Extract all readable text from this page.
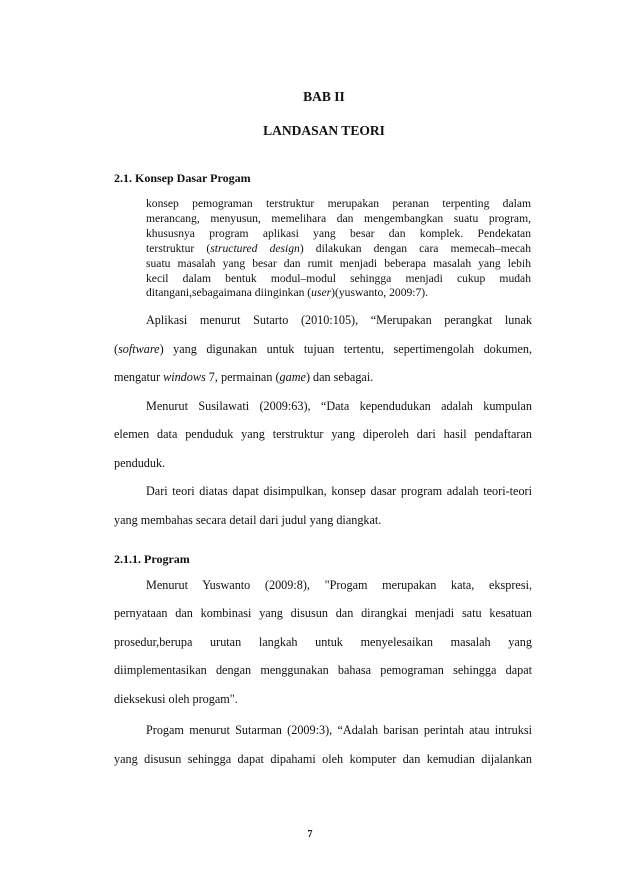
BAB II
LANDASAN TEORI
2.1. Konsep Dasar Progam
konsep pemograman terstruktur merupakan peranan terpenting dalam
merancang, menyusun, memelihara dan mengembangkan suatu program,
khususnya program aplikasi yang besar dan komplek. Pendekatan
terstruktur (structured design) dilakukan dengan cara memecah–mecah
suatu masalah yang besar dan rumit menjadi beberapa masalah yang lebih
kecil dalam bentuk modul–modul sehingga menjadi cukup mudah
ditangani,sebagaimana diinginkan (user)(yuswanto, 2009:7).
Aplikasi menurut Sutarto (2010:105), “Merupakan perangkat lunak
(software) yang digunakan untuk tujuan tertentu, sepertimengolah dokumen,
mengatur windows 7, permainan (game) dan sebagai.
Menurut Susilawati (2009:63), “Data kependudukan adalah kumpulan
elemen data penduduk yang terstruktur yang diperoleh dari hasil pendaftaran
penduduk.
Dari teori diatas dapat disimpulkan, konsep dasar program adalah teori-teori
yang membahas secara detail dari judul yang diangkat.
2.1.1. Program
Menurut Yuswanto (2009:8), "Progam merupakan kata, ekspresi,
pernyataan dan kombinasi yang disusun dan dirangkai menjadi satu kesatuan
prosedur,berupa urutan langkah untuk menyelesaikan masalah yang
diimplementasikan dengan menggunakan bahasa pemograman sehingga dapat
dieksekusi oleh progam".
Progam menurut Sutarman (2009:3), “Adalah barisan perintah atau intruksi
yang disusun sehingga dapat dipahami oleh komputer dan kemudian dijalankan
7
